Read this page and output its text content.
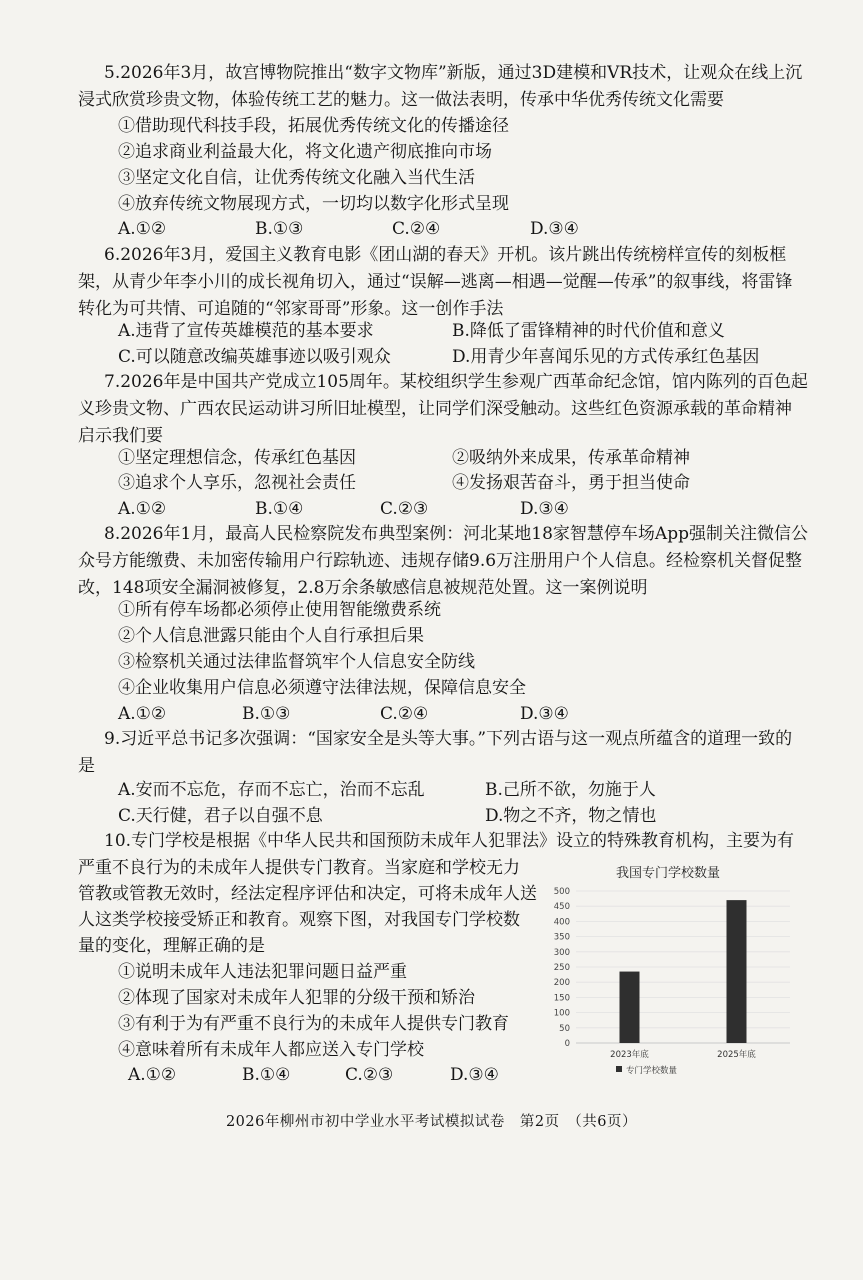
5.2026年3月，故宫博物院推出“数字文物库”新版，通过3D建模和VR技术，让观众在线上沉浸式欣赏珍贵文物，体验传统工艺的魅力。这一做法表明，传承中华优秀传统文化需要

①借助现代科技手段，拓展优秀传统文化的传播途径

②追求商业利益最大化，将文化遗产彻底推向市场

③坚定文化自信，让优秀传统文化融入当代生活

④放弃传统文物展现方式，一切均以数字化形式呈现

A.①②	B.①③	C.②④	D.③④

6.2026年3月，爱国主义教育电影《团山湖的春天》开机。该片跳出传统榜样宣传的刻板框架，从青少年李小川的成长视角切入，通过“误解—逃离—相遇—觉醒—传承”的叙事线，将雷锋转化为可共情、可追随的“邻家哥哥”形象。这一创作手法

A.违背了宣传英雄模范的基本要求	B.降低了雷锋精神的时代价值和意义

C.可以随意改编英雄事迹以吸引观众	D.用青少年喜闻乐见的方式传承红色基因

7.2026年是中国共产党成立105周年。某校组织学生参观广西革命纪念馆，馆内陈列的百色起义珍贵文物、广西农民运动讲习所旧址模型，让同学们深受触动。这些红色资源承载的革命精神启示我们要

①坚定理想信念，传承红色基因	②吸纳外来成果，传承革命精神

③追求个人享乐，忽视社会责任	④发扬艰苦奋斗，勇于担当使命

A.①②	B.①④	C.②③	D.③④

8.2026年1月，最高人民检察院发布典型案例：河北某地18家智慧停车场App强制关注微信公众号方能缴费、未加密传输用户行踪轨迹、违规存储9.6万注册用户个人信息。经检察机关督促整改，148项安全漏洞被修复，2.8万余条敏感信息被规范处置。这一案例说明

①所有停车场都必须停止使用智能缴费系统

②个人信息泄露只能由个人自行承担后果

③检察机关通过法律监督筑牢个人信息安全防线

④企业收集用户信息必须遵守法律法规，保障信息安全

A.①②	B.①③	C.②④	D.③④

9.习近平总书记多次强调：“国家安全是头等大事。”下列古语与这一观点所蕴含的道理一致的是

A.安而不忘危，存而不忘亡，治而不忘乱	B.己所不欲，勿施于人

C.天行健，君子以自强不息	D.物之不齐，物之情也

10.专门学校是根据《中华人民共和国预防未成年人犯罪法》设立的特殊教育机构，主要为有

严重不良行为的未成年人提供专门教育。当家庭和学校无力

管教或管教无效时，经法定程序评估和决定，可将未成年人送

人这类学校接受矫正和教育。观察下图，对我国专门学校数

量的变化，理解正确的是

①说明未成年人违法犯罪问题日益严重

②体现了国家对未成年人犯罪的分级干预和矫治

③有利于为有严重不良行为的未成年人提供专门教育

④意味着所有未成年人都应送入专门学校

A.①②	B.①④	C.②③	D.③④

我国专门学校数量
0
50
100
150
200
250
300
350
400
450
500
2023年底	2025年底
专门学校数量
2026年柳州市初中学业水平考试模拟试卷　第2页　（共6页）
